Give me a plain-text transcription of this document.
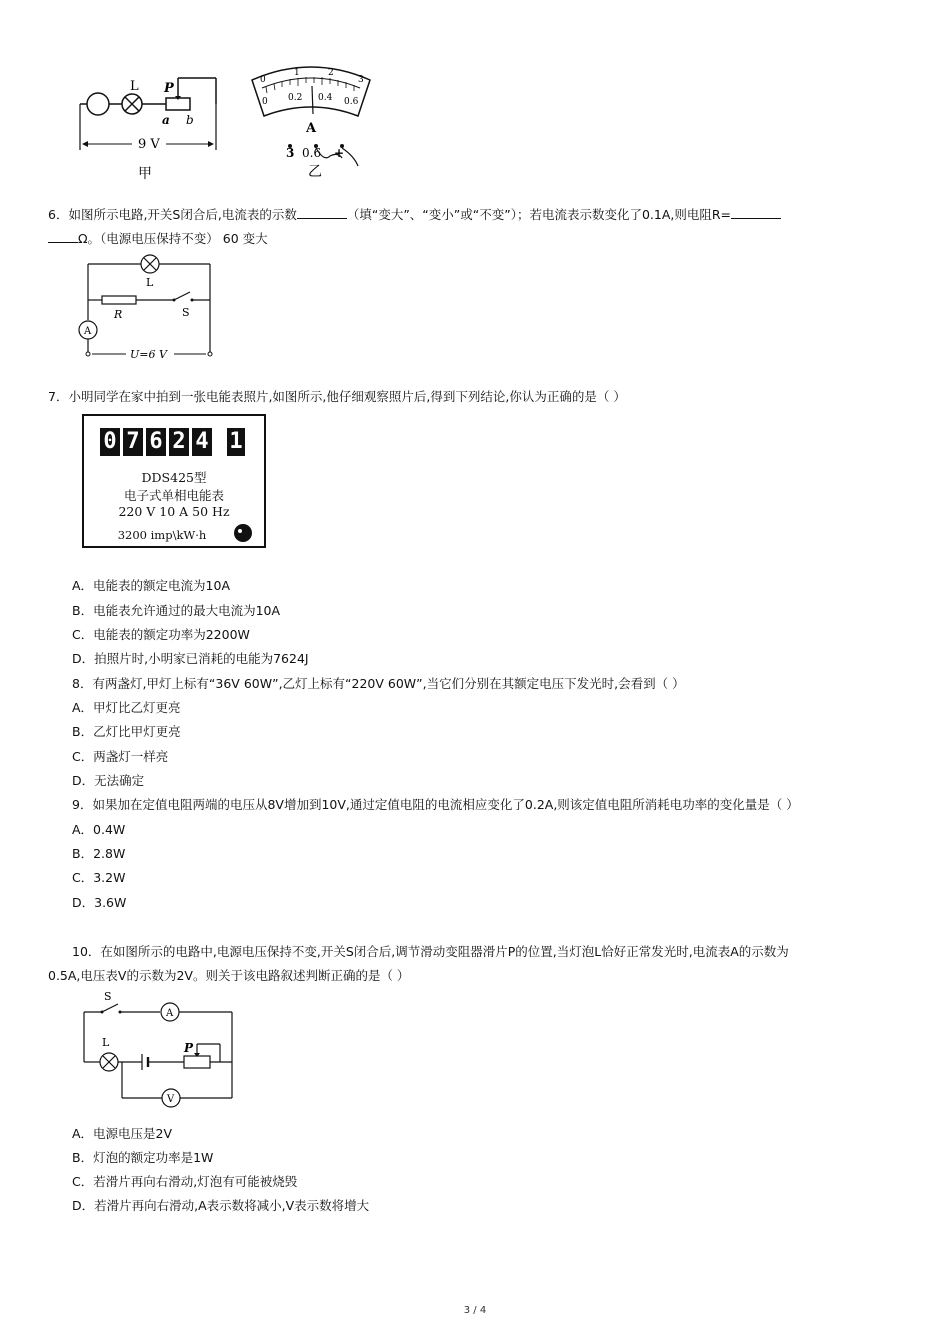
L P
a b
9 V
甲
0
1	2
3
0 0.2 0.4 0.6
A
3 0.6 +
乙
6．如图所示电路,开关S闭合后,电流表的示数	（填“变大”、“变小”或“不变”）；若电流表示数变化了0.1A,则电阻R=
Ω。（电源电压保持不变） 60 变大
L
R	S
A
U=6 V
7．小明同学在家中拍到一张电能表照片,如图所示,他仔细观察照片后,得到下列结论,你认为正确的是（ ）
0 7 6 2 4 1
DDS425型
电子式单相电能表
220 V 10 A 50 Hz
3200 imp\kW·h
A．电能表的额定电流为10A
B．电能表允许通过的最大电流为10A
C．电能表的额定功率为2200W
D．拍照片时,小明家已消耗的电能为7624J
8．有两盏灯,甲灯上标有“36V 60W”,乙灯上标有“220V 60W”,当它们分别在其额定电压下发光时,会看到（ ）
A．甲灯比乙灯更亮
B．乙灯比甲灯更亮
C．两盏灯一样亮
D．无法确定
9．如果加在定值电阻两端的电压从8V增加到10V,通过定值电阻的电流相应变化了0.2A,则该定值电阻所消耗电功率的变化量是（ ）
A．0.4W
B．2.8W
C．3.2W
D．3.6W
10．在如图所示的电路中,电源电压保持不变,开关S闭合后,调节滑动变阻器滑片P的位置,当灯泡L恰好正常发光时,电流表A的示数为
0.5A,电压表V的示数为2V。则关于该电路叙述判断正确的是（ ）
S
A
L	P
V
A．电源电压是2V
B．灯泡的额定功率是1W
C．若滑片再向右滑动,灯泡有可能被烧毁
D．若滑片再向右滑动,A表示数将减小,V表示数将增大
3 / 4
